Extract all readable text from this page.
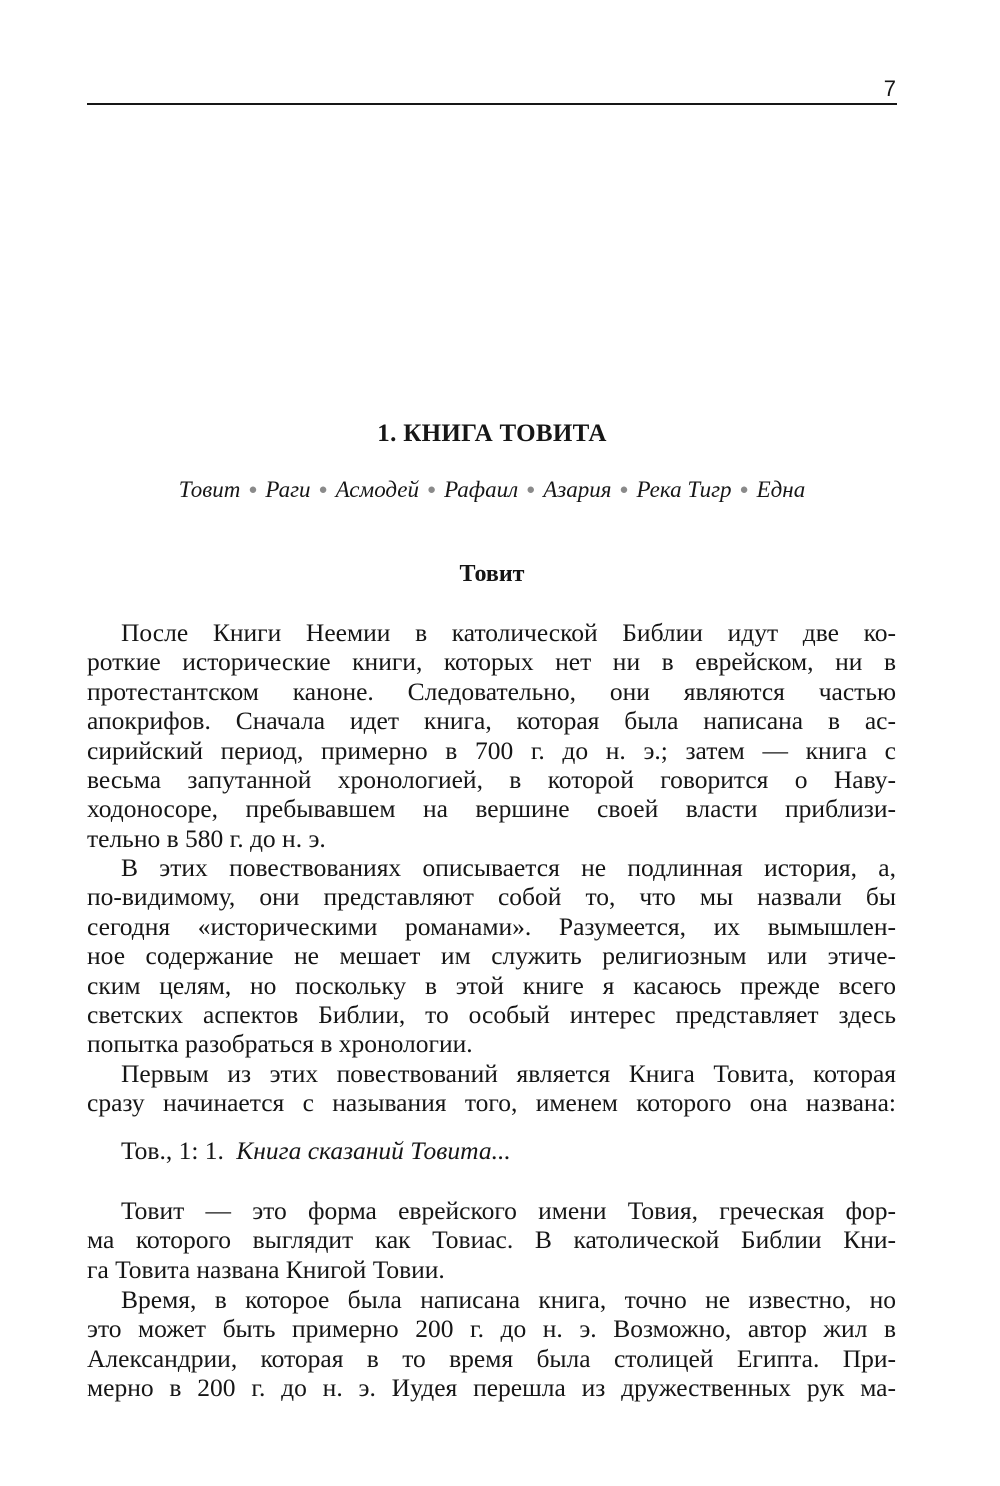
7
1. КНИГА ТОВИТА
Товит ● Раги ● Асмодей ● Рафаил ● Азария ● Река Тигр ● Една
Товит
После Книги Неемии в католической Библии идут две ко-
роткие исторические книги, которых нет ни в еврейском, ни в
протестантском каноне. Следовательно, они являются частью
апокрифов. Сначала идет книга, которая была написана в ас-
сирийский период, примерно в 700 г. до н. э.; затем — книга с
весьма запутанной хронологией, в которой говорится о Наву-
ходоносоре, пребывавшем на вершине своей власти приблизи-
тельно в 580 г. до н. э.
В этих повествованиях описывается не подлинная история, а,
по-видимому, они представляют собой то, что мы назвали бы
сегодня «историческими романами». Разумеется, их вымышлен-
ное содержание не мешает им служить религиозным или этиче-
ским целям, но поскольку в этой книге я касаюсь прежде всего
светских аспектов Библии, то особый интерес представляет здесь
попытка разобраться в хронологии.
Первым из этих повествований является Книга Товита, которая
сразу начинается с называния того, именем которого она названа:
Тов., 1: 1. Книга сказаний Товита...
Товит — это форма еврейского имени Товия, греческая фор-
ма которого выглядит как Товиас. В католической Библии Кни-
га Товита названа Книгой Товии.
Время, в которое была написана книга, точно не известно, но
это может быть примерно 200 г. до н. э. Возможно, автор жил в
Александрии, которая в то время была столицей Египта. При-
мерно в 200 г. до н. э. Иудея перешла из дружественных рук ма-
